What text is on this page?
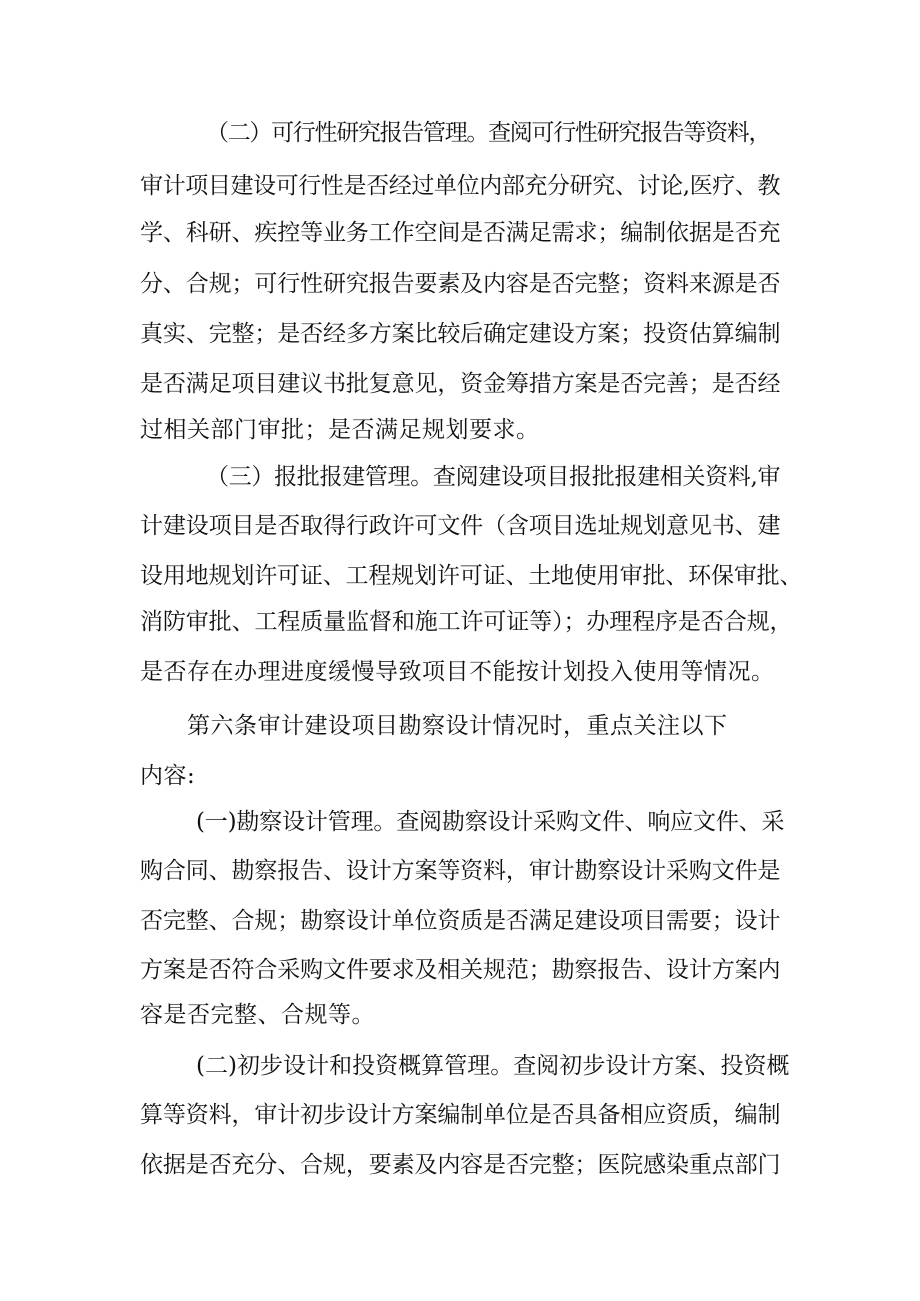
（二）可行性研究报告管理。查阅可行性研究报告等资料，
审计项目建设可行性是否经过单位内部充分研究、讨论,医疗、教
学、科研、疾控等业务工作空间是否满足需求；编制依据是否充
分、合规；可行性研究报告要素及内容是否完整；资料来源是否
真实、完整；是否经多方案比较后确定建设方案；投资估算编制
是否满足项目建议书批复意见，资金筹措方案是否完善；是否经
过相关部门审批；是否满足规划要求。
（三）报批报建管理。查阅建设项目报批报建相关资料,审
计建设项目是否取得行政许可文件（含项目选址规划意见书、建
设用地规划许可证、工程规划许可证、土地使用审批、环保审批、
消防审批、工程质量监督和施工许可证等）；办理程序是否合规，
是否存在办理进度缓慢导致项目不能按计划投入使用等情况。
第六条审计建设项目勘察设计情况时，重点关注以下
内容:
(一)勘察设计管理。查阅勘察设计采购文件、响应文件、采
购合同、勘察报告、设计方案等资料，审计勘察设计采购文件是
否完整、合规；勘察设计单位资质是否满足建设项目需要；设计
方案是否符合采购文件要求及相关规范；勘察报告、设计方案内
容是否完整、合规等。
(二)初步设计和投资概算管理。查阅初步设计方案、投资概
算等资料，审计初步设计方案编制单位是否具备相应资质，编制
依据是否充分、合规，要素及内容是否完整；医院感染重点部门
